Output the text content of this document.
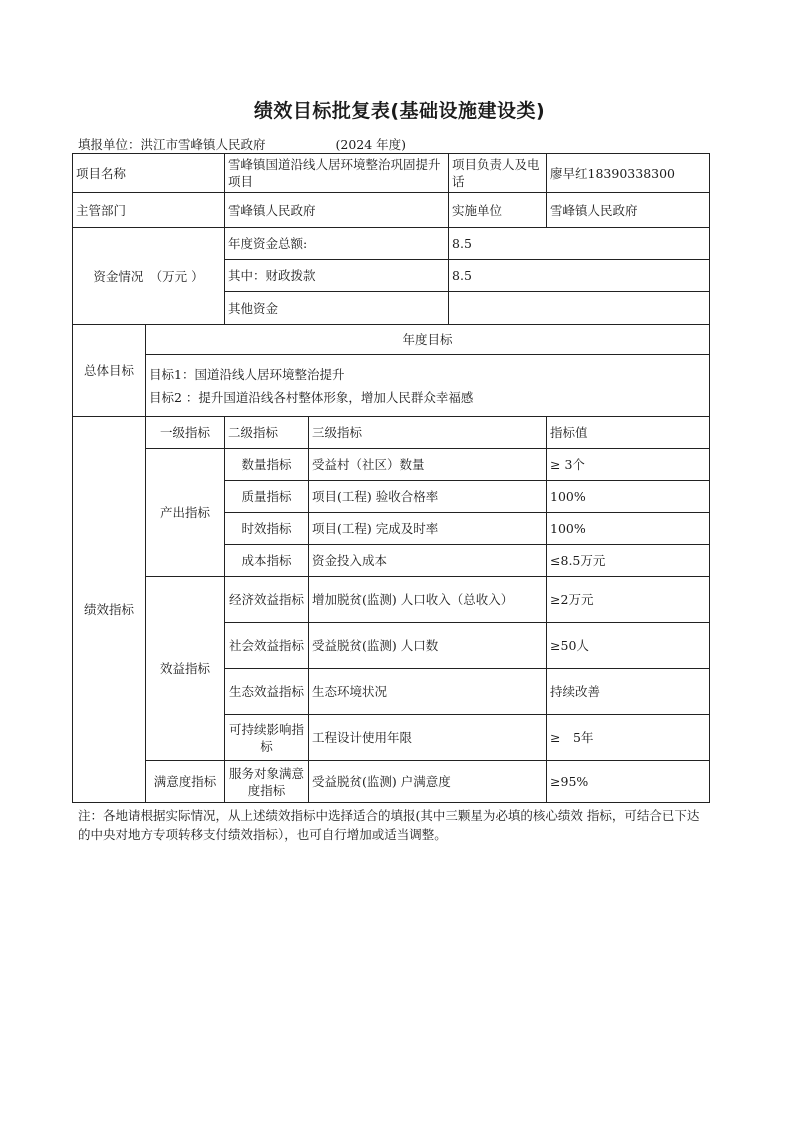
绩效目标批复表(基础设施建设类)
填报单位：洪江市雪峰镇人民政府	(2024 年度)
项目名称		雪峰镇国道沿线人居环境整治巩固提升项目		项目负责人及电话	廖早红18390338300
主管部门		雪峰镇人民政府		实施单位	雪峰镇人民政府
资金情况　（万元 ）		年度资金总额:		8.5	
		其中：财政拨款		8.5	
		其他资金			
总体目标	年度目标				

	目标1：国道沿线人居环境整治提升
目标2 ：提升国道沿线各村整体形象，增加人民群众幸福感				

绩效指标	一级指标	二级指标	三级指标		指标值
	产出指标	数量指标	受益村（社区）数量		≥ 3个
		质量指标	项目(工程) 验收合格率		100%
		时效指标	项目(工程) 完成及时率		100%
		成本指标	资金投入成本		≤8.5万元
	效益指标	经济效益指标	增加脱贫(监测) 人口收入（总收入）		≥2万元
		社会效益指标	受益脱贫(监测) 人口数		≥50人
		生态效益指标	生态环境状况		持续改善
		可持续影响指标	工程设计使用年限		≥　5年
	满意度指标	服务对象满意度指标	受益脱贫(监测) 户满意度		≥95%
注：各地请根据实际情况，从上述绩效指标中选择适合的填报(其中三颗星为必填的核心绩效 指标，可结合已下达的中央对地方专项转移支付绩效指标），也可自行增加或适当调整。
